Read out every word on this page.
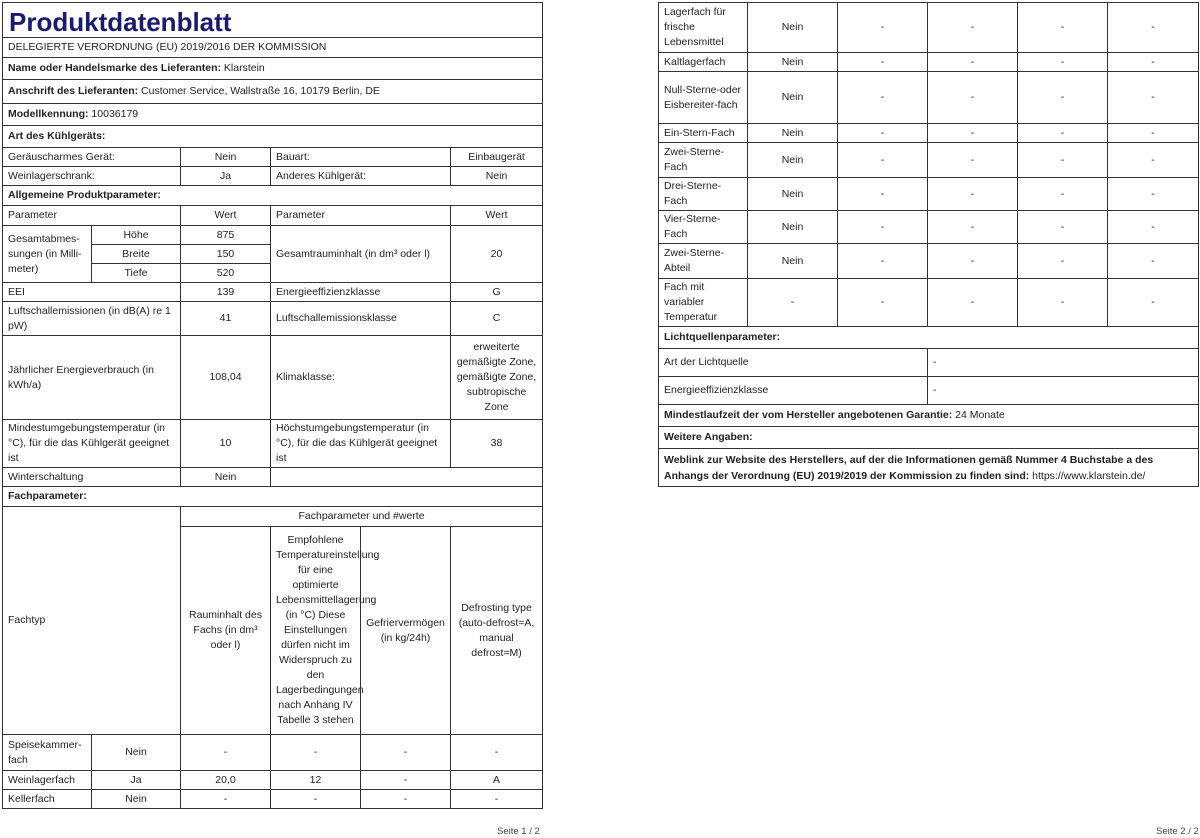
Produktdatenblatt					
DELEGIERTE VERORDNUNG (EU) 2019/2016 DER KOMMISSION					
Name oder Handelsmarke des Lieferanten: Klarstein					
Anschrift des Lieferanten: Customer Service, Wallstraße 16, 10179 Berlin, DE					
Modellkennung: 10036179					
Art des Kühlgeräts:					
Geräuscharmes Gerät:		Nein	Bauart:		Einbaugerät
Weinlagerschrank:		Ja	Anderes Kühlgerät:		Nein
Allgemeine Produktparameter:					
Parameter		Wert	Parameter		Wert
Gesamtabmes-sungen (in Milli-meter)	Höhe	875	Gesamtrauminhalt (in dm³ oder l)		20
	Breite	150			
	Tiefe	520			
EEI		139	Energieeffizienzklasse		G
Luftschallemissionen (in dB(A) re 1 pW)		41	Luftschallemissionsklasse		C
Jährlicher Energieverbrauch (in kWh/a)		108,04	Klimaklasse:		erweiterte gemäßigte Zone, gemäßigte Zone, subtropische Zone
Mindestumgebungstemperatur (in °C), für die das Kühlgerät geeignet ist		10	Höchstumgebungstemperatur (in °C), für die das Kühlgerät geeignet ist		38
Winterschaltung		Nein			
Fachparameter:					
Fachtyp		Fachparameter und #werte			
		Rauminhalt des Fachs (in dm³ oder l)	Empfohlene Temperatureinstellung für eine optimierte Lebensmittellagerung (in °C) Diese Einstellungen dürfen nicht im Widerspruch zu den Lagerbedingungen nach Anhang IV Tabelle 3 stehen	Gefriervermögen (in kg/24h)	Defrosting type (auto-defrost=A, manual defrost=M)
Speisekammer-fach	Nein	-	-	-	-
Weinlagerfach	Ja	20,0	12	-	A
Kellerfach	Nein	-	-	-	-
Seite 1 / 2
Lagerfach für frische Lebensmittel	Nein	-	-	-	-
Kaltlagerfach	Nein	-	-	-	-
Null-Sterne-oder Eisbereiter-fach	Nein	-	-	-	-
Ein-Stern-Fach	Nein	-	-	-	-
Zwei-Sterne-Fach	Nein	-	-	-	-
Drei-Sterne-Fach	Nein	-	-	-	-
Vier-Sterne-Fach	Nein	-	-	-	-
Zwei-Sterne-Abteil	Nein	-	-	-	-
Fach mit variabler Temperatur	-	-	-	-	-
Lichtquellenparameter:					
Art der Lichtquelle			-		
Energieeffizienzklasse			-		
Mindestlaufzeit der vom Hersteller angebotenen Garantie: 24 Monate					
Weitere Angaben:					
Weblink zur Website des Herstellers, auf der die Informationen gemäß Nummer 4 Buchstabe a des Anhangs der Verordnung (EU) 2019/2019 der Kommission zu finden sind: https://www.klarstein.de/					
Seite 2 / 2
